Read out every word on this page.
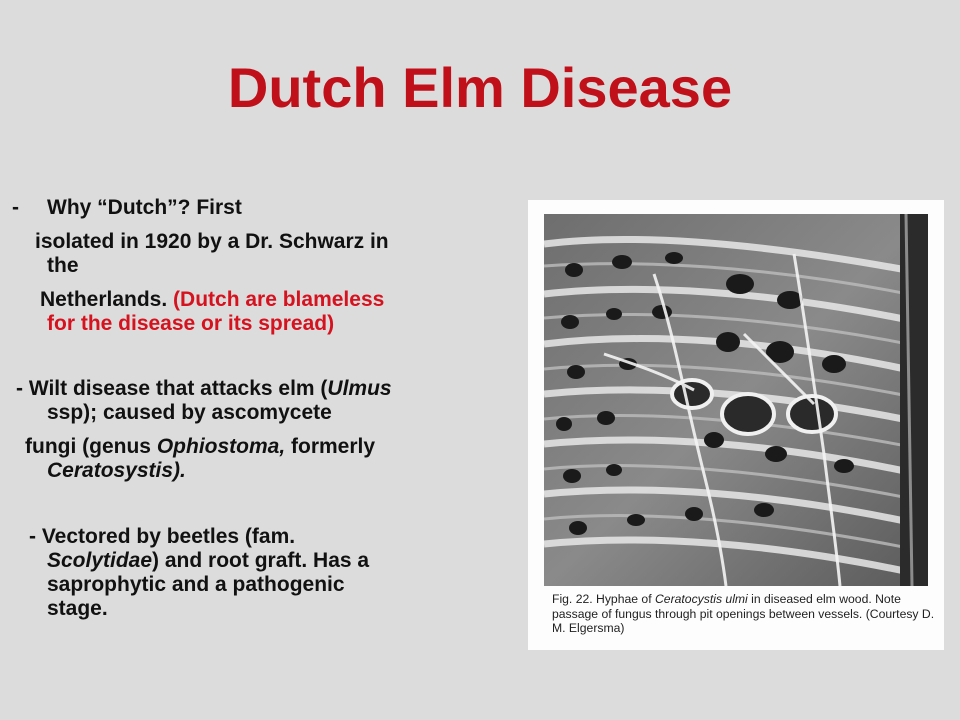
Dutch Elm Disease
-	Why “Dutch”? First
isolated in 1920 by a Dr. Schwarz in
the
Netherlands. (Dutch are blameless
for the disease or its spread)
- Wilt disease that attacks elm (Ulmus
ssp); caused by ascomycete
fungi (genus Ophiostoma, formerly
Ceratosystis).
- Vectored by beetles (fam.
Scolytidae) and root graft. Has a
saprophytic and a pathogenic
stage.	Fig. 22. Hyphae of Ceratocystis ulmi in diseased elm wood. Note passage of fungus through pit openings between vessels. (Courtesy D. M. Elgersma)
